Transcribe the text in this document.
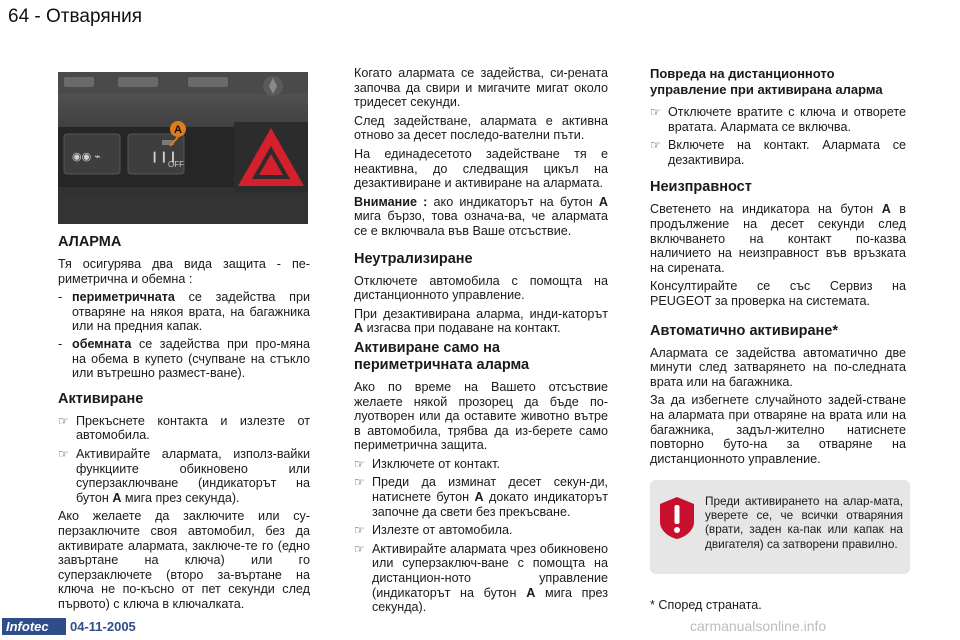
64 - Отваряния
◉◉ ⌁
OFF
❙❙❙
A
АЛАРМА

Тя осигурява два вида защита - пе-риметрична и обемна :

- периметричната се задейства при отваряне на някоя врата, на багажника или на предния капак.
- обемната се задейства при про-мяна на обема в купето (счупване на стъкло или вътрешно размест-ване).
Активиране
☞ Прекъснете контакта и излезте от автомобила.
☞ Активирайте алармата, използ-вайки функциите обикновено или суперзаключване (индикаторът на бутон A мига през секунда).

Ако желаете да заключите или су-перзаключите своя автомобил, без да активирате алармата, заключе-те го (едно завъртане на ключа) или го суперзаключете (второ за-въртане на ключа не по-късно от пет секунди след първото) с ключа в ключалката.

Когато алармата се задейства, си-рената започва да свири и мигачите мигат около тридесет секунди.

След задействане, алармата е активна отново за десет последо-вателни пъти.

На единадесетото задействане тя е неактивна, до следващия цикъл на дезактивиране и активиране на алармата.

Внимание : ако индикаторът на бутон A мига бързо, това означа-ва, че алармата се е включвала във Ваше отсъствие.

Неутрализиране

Отключете автомобила с помощта на дистанционното управление.

При дезактивирана аларма, инди-каторът A изгасва при подаване на контакт.

Активиране само на периметричната аларма

Ако по време на Вашето отсъствие желаете някой прозорец да бъде по-луотворен или да оставите животно вътре в автомобила, трябва да из-берете само периметрична защита.

☞ Изключете от контакт.
☞ Преди да изминат десет секун-ди, натиснете бутон A докато индикаторът започне да свети без прекъсване.
☞ Излезте от автомобила.
☞ Активирайте алармата чрез обикновено или суперзаключ-ване с помощта на дистанцион-ното управление (индикаторът на бутон A мига през секунда).
Повреда на дистанционното управление при активирана аларма
☞ Отключете вратите с ключа и отворете вратата. Алармата се включва.
☞ Включете на контакт. Алармата се дезактивира.
Неизправност

Светенето на индикатора на бутон A в продължение на десет секунди след включването на контакт по-казва наличието на неизправност във връзката на сирената.

Консултирайте се със Сервиз на PEUGEOT за проверка на системата.

Автоматично активиране*

Алармата се задейства автоматично две минути след затварянето на по-следната врата или на багажника.

За да избегнете случайното задей-стване на алармата при отваряне на врата или на багажника, задъл-жително натиснете повторно буто-на за отваряне на дистанционното управление.

Преди активирането на алар-мата, уверете се, че всички отваряния (врати, заден ка-пак или капак на двигателя) са затворени правилно.
* Според страната.
Infotec	04-11-2005	carmanualsonline.info
